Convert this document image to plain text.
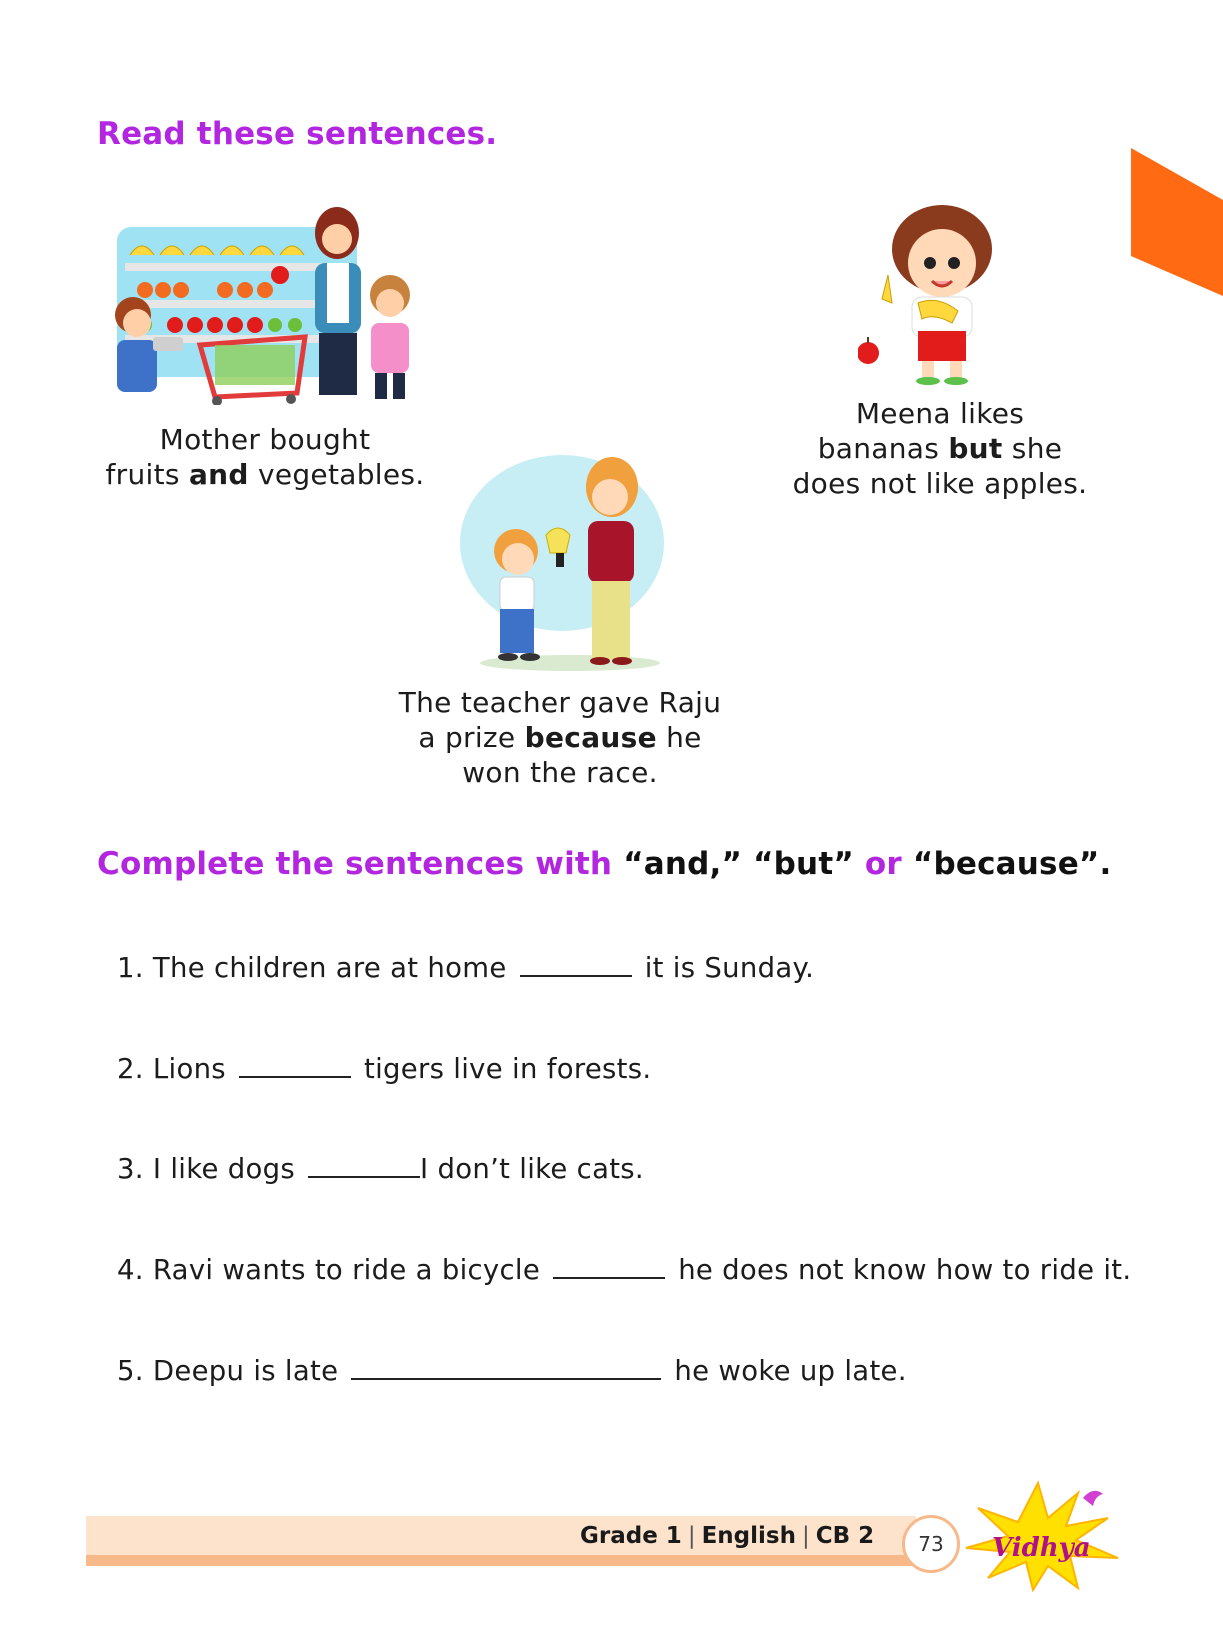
Read these sentences.
Mother bought
fruits and vegetables.
Meena likes
bananas but she
does not like apples.
The teacher gave Raju
a prize because he
won the race.
Complete the sentences with “and,” “but” or “because”.
1. The children are at home	it is Sunday.
2. Lions	tigers live in forests.
3. I like dogs	I don’t like cats.
4. Ravi wants to ride a bicycle	he does not know how to ride it.
5. Deepu is late	he woke up late.
Grade 1 | English | CB 2 73 Vidhya
